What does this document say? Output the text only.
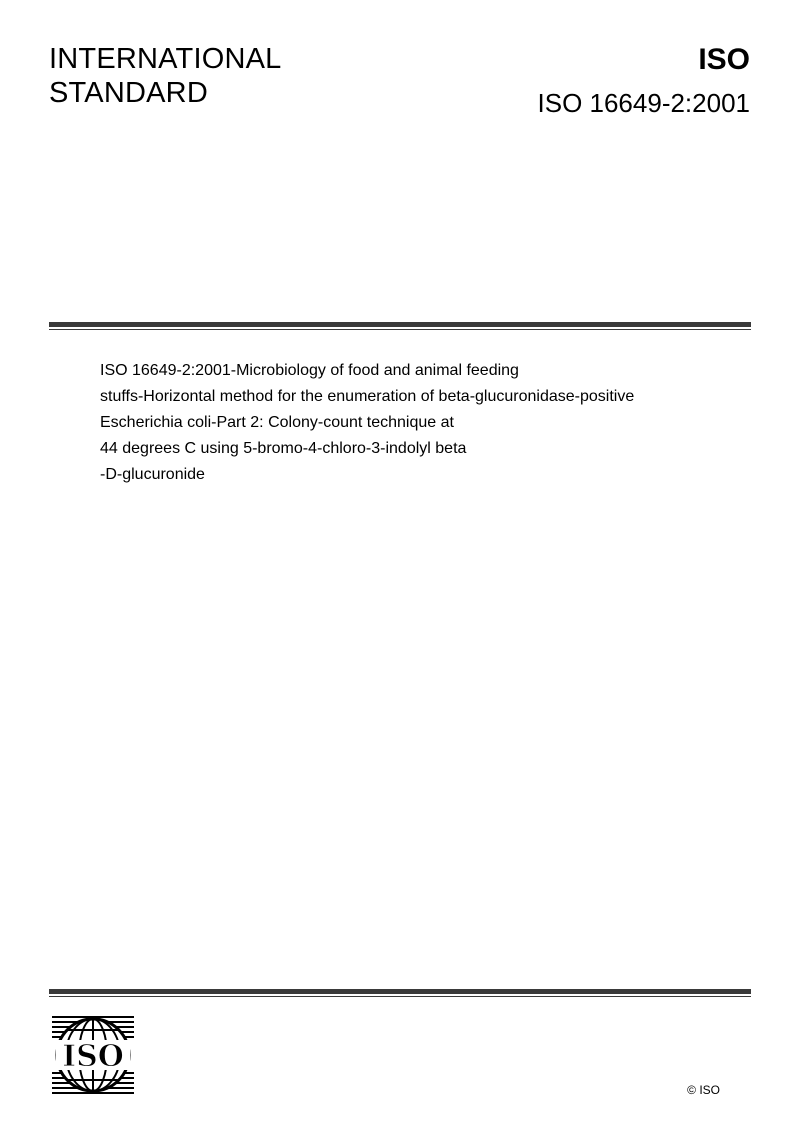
INTERNATIONAL
STANDARD
ISO
ISO 16649-2:2001
ISO 16649-2:2001-Microbiology of food and animal feeding
stuffs-Horizontal method for the enumeration of beta-glucuronidase-positive
Escherichia coli-Part 2: Colony-count technique at
44 degrees C using 5-bromo-4-chloro-3-indolyl beta
-D-glucuronide
ISO
© ISO
